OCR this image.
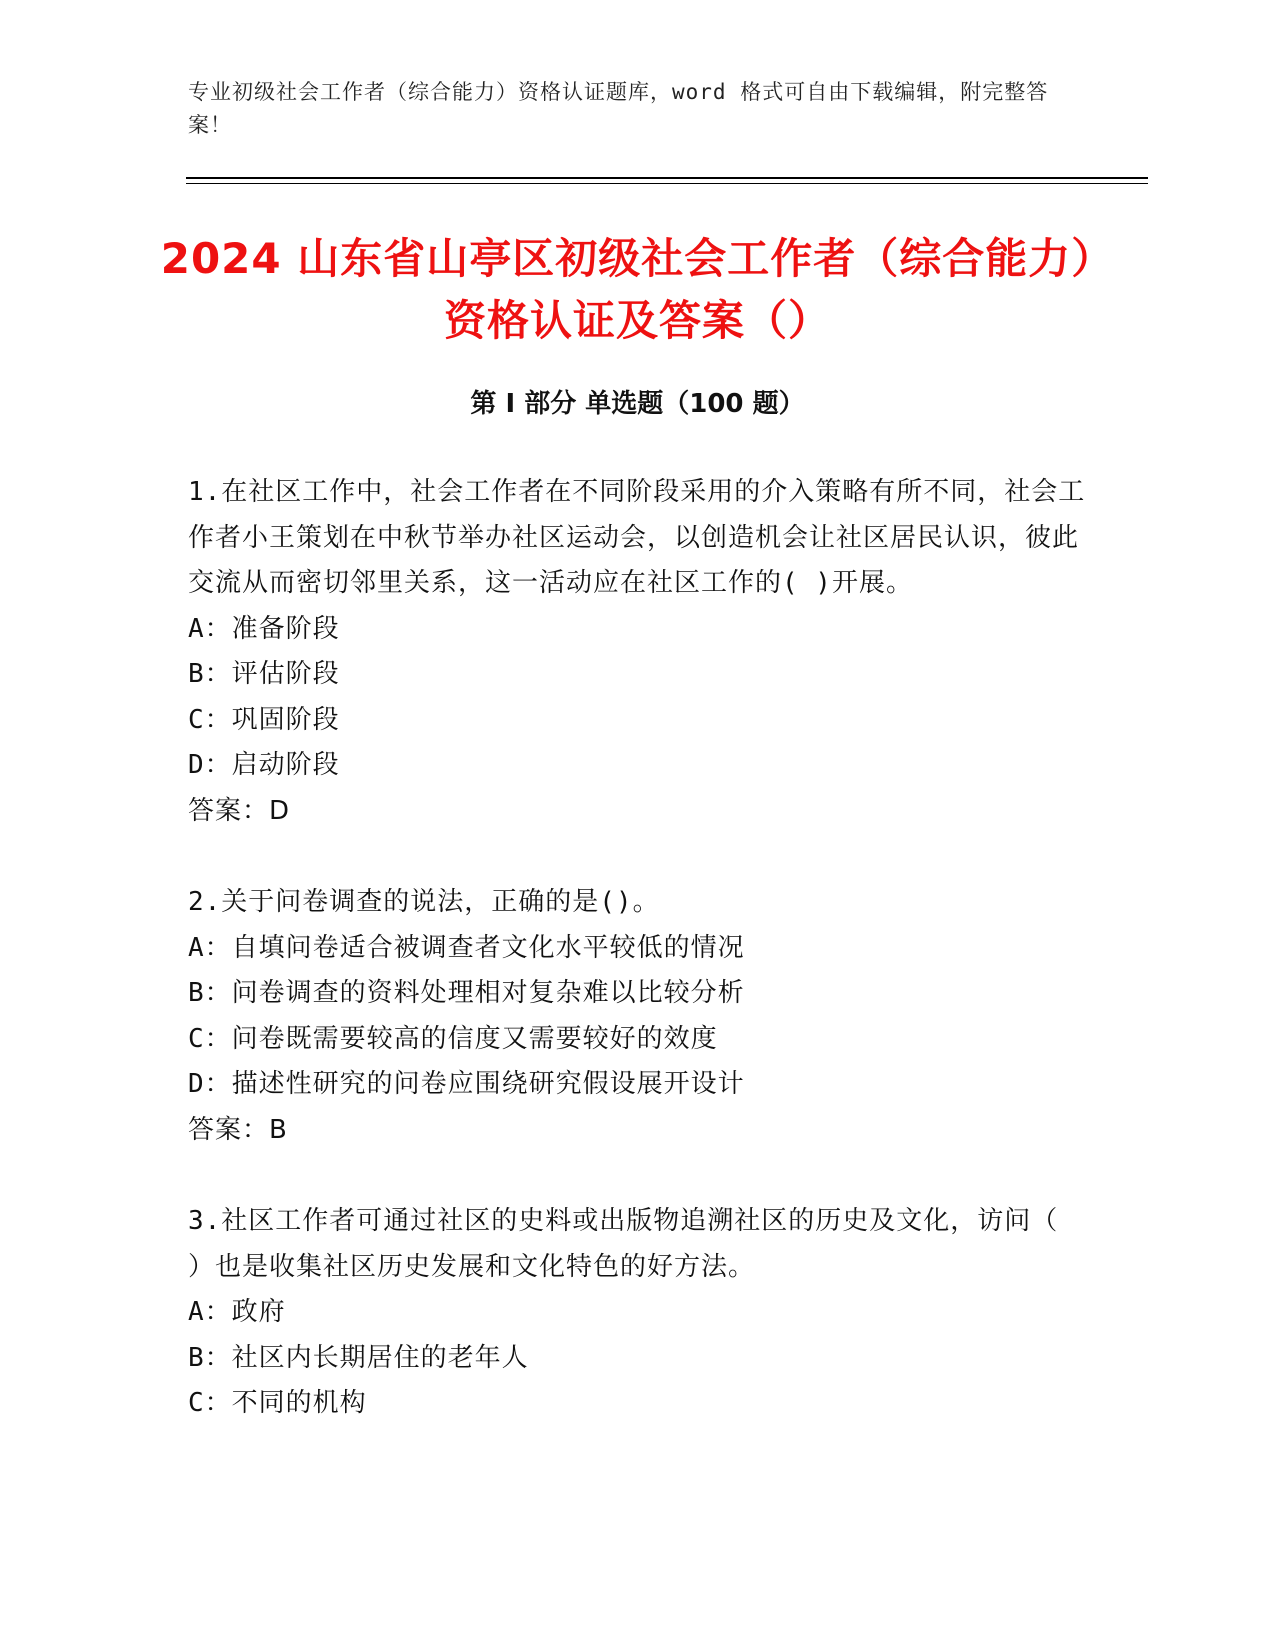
专业初级社会工作者（综合能力）资格认证题库，word 格式可自由下载编辑，附完整答案！
2024 山东省山亭区初级社会工作者（综合能力）资格认证及答案（）
第 I 部分 单选题（100 题）
1.在社区工作中，社会工作者在不同阶段采用的介入策略有所不同，社会工作者小王策划在中秋节举办社区运动会，以创造机会让社区居民认识，彼此交流从而密切邻里关系，这一活动应在社区工作的( )开展。
A：准备阶段
B：评估阶段
C：巩固阶段
D：启动阶段
答案：D
2.关于问卷调查的说法，正确的是()。
A：自填问卷适合被调查者文化水平较低的情况
B：问卷调查的资料处理相对复杂难以比较分析
C：问卷既需要较高的信度又需要较好的效度
D：描述性研究的问卷应围绕研究假设展开设计
答案：B
3.社区工作者可通过社区的史料或出版物追溯社区的历史及文化，访问（ ）也是收集社区历史发展和文化特色的好方法。
A：政府
B：社区内长期居住的老年人
C：不同的机构
